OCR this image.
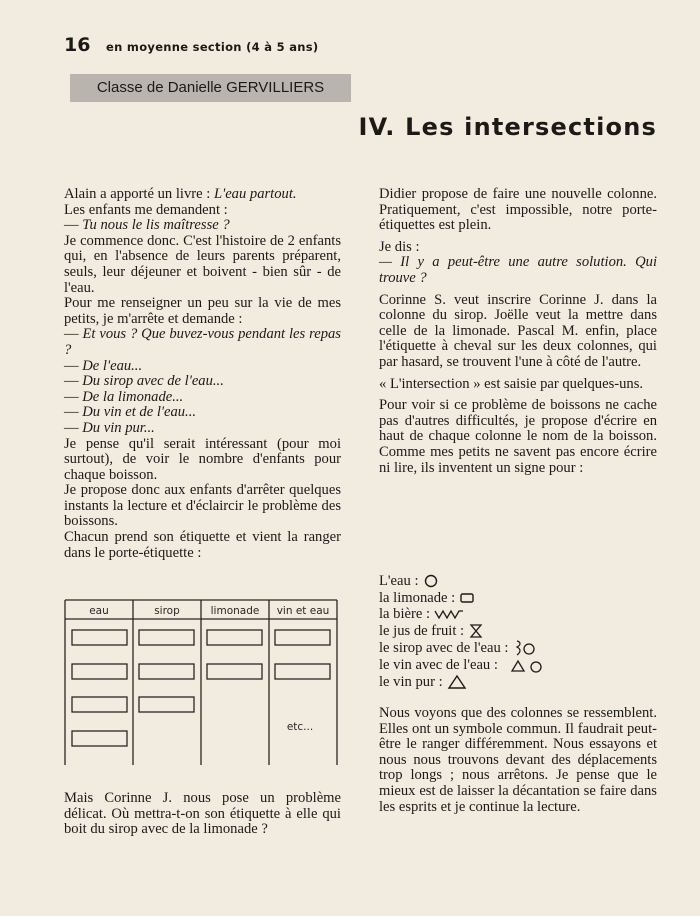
16 en moyenne section (4 à 5 ans)
Classe de Danielle GERVILLIERS
IV. Les intersections

Alain a apporté un livre : L'eau partout.

Les enfants me demandent :

— Tu nous le lis maîtresse ?

Je commence donc. C'est l'histoire de 2 enfants qui, en l'absence de leurs parents préparent, seuls, leur déjeuner et boivent - bien sûr - de l'eau.

Pour me renseigner un peu sur la vie de mes petits, je m'arrête et demande :

— Et vous ? Que buvez-vous pendant les repas ?

— De l'eau...

— Du sirop avec de l'eau...

— De la limonade...

— Du vin et de l'eau...

— Du vin pur...

Je pense qu'il serait intéressant (pour moi surtout), de voir le nombre d'enfants pour chaque boisson.

Je propose donc aux enfants d'arrêter quelques instants la lecture et d'éclaircir le problème des boissons.

Chacun prend son étiquette et vient la ranger dans le porte-étiquette :

eau	sirop	limonade vin et eau
etc...
Mais Corinne J. nous pose un problème délicat. Où mettra-t-on son étiquette à elle qui boit du sirop avec de la limonade ?

Didier propose de faire une nouvelle colonne. Pratiquement, c'est impossible, notre porte-étiquettes est plein.

Je dis :

— Il y a peut-être une autre solution. Qui trouve ?

Corinne S. veut inscrire Corinne J. dans la colonne du sirop. Joëlle veut la mettre dans celle de la limonade. Pascal M. enfin, place l'étiquette à cheval sur les deux colonnes, qui par hasard, se trouvent l'une à côté de l'autre.

« L'intersection » est saisie par quelques-uns.

Pour voir si ce problème de boissons ne cache pas d'autres difficultés, je propose d'écrire en haut de chaque colonne le nom de la boisson. Comme mes petits ne savent pas encore écrire ni lire, ils inventent un signe pour :

L'eau :
la limonade :
la bière :
le jus de fruit :
le sirop avec de l'eau :
le vin avec de l'eau :
le vin pur :
Nous voyons que des colonnes se ressemblent. Elles ont un symbole commun. Il faudrait peut-être le ranger différemment. Nous essayons et nous nous trouvons devant des déplacements trop longs ; nous arrêtons. Je pense que le mieux est de laisser la décantation se faire dans les esprits et je continue la lecture.
